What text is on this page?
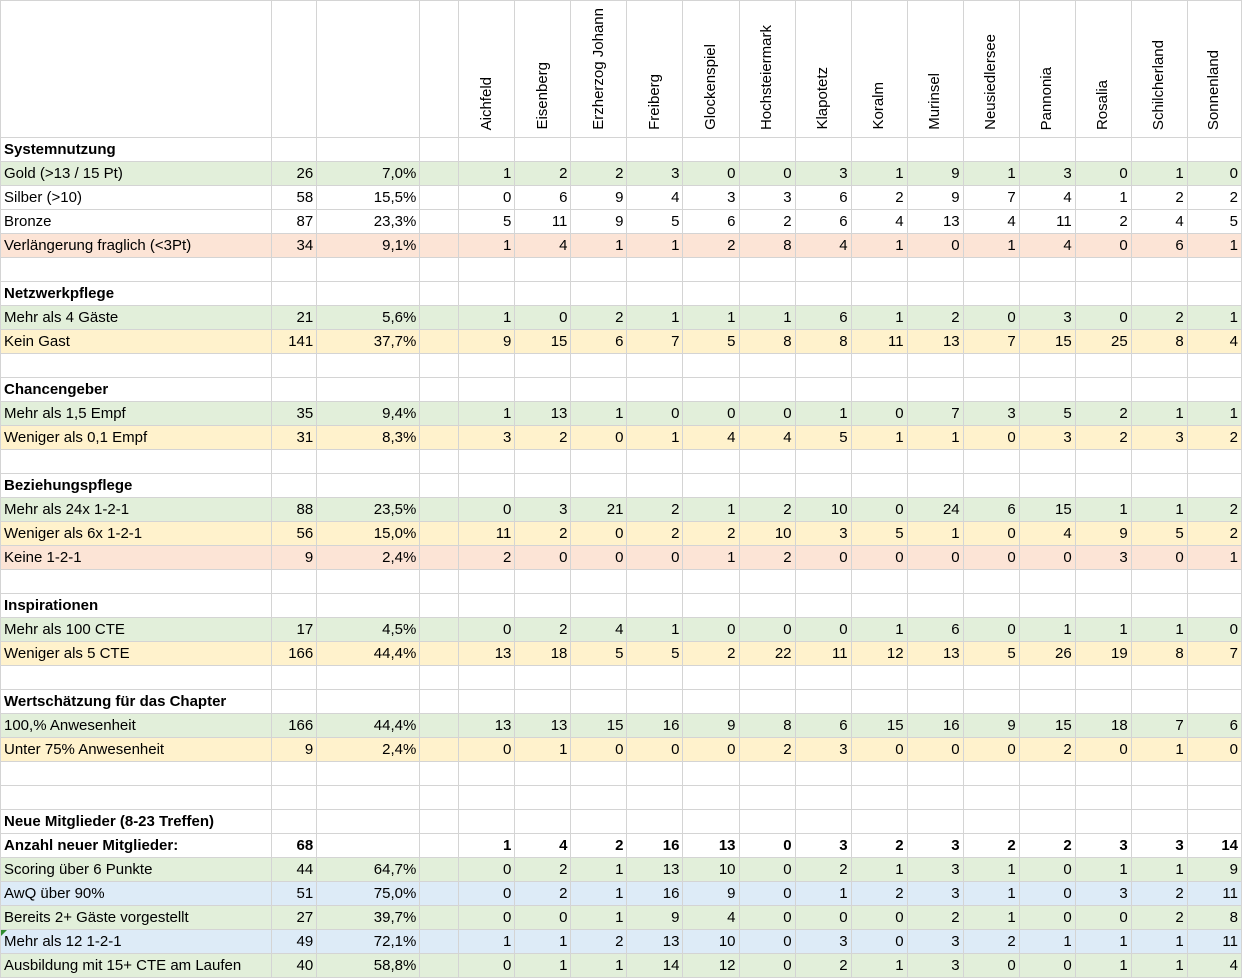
				Aichfeld	Eisenberg	Erzherzog Johann	Freiberg	Glockenspiel	Hochsteiermark	Klapotetz	Koralm	Murinsel	Neusiedlersee	Pannonia	Rosalia	Schilcherland	Sonnenland
Systemnutzung																	
Gold (>13 / 15 Pt)	26	7,0%		1	2	2	3	0	0	3	1	9	1	3	0	1	0
Silber (>10)	58	15,5%		0	6	9	4	3	3	6	2	9	7	4	1	2	2
Bronze	87	23,3%		5	11	9	5	6	2	6	4	13	4	11	2	4	5
Verlängerung fraglich (<3Pt)	34	9,1%		1	4	1	1	2	8	4	1	0	1	4	0	6	1

Netzwerkpflege																	
Mehr als 4 Gäste	21	5,6%		1	0	2	1	1	1	6	1	2	0	3	0	2	1
Kein Gast	141	37,7%		9	15	6	7	5	8	8	11	13	7	15	25	8	4

Chancengeber																	
Mehr als 1,5 Empf	35	9,4%		1	13	1	0	0	0	1	0	7	3	5	2	1	1
Weniger als 0,1 Empf	31	8,3%		3	2	0	1	4	4	5	1	1	0	3	2	3	2

Beziehungspflege																	
Mehr als 24x 1-2-1	88	23,5%		0	3	21	2	1	2	10	0	24	6	15	1	1	2
Weniger als 6x 1-2-1	56	15,0%		11	2	0	2	2	10	3	5	1	0	4	9	5	2
Keine 1-2-1	9	2,4%		2	0	0	0	1	2	0	0	0	0	0	3	0	1

Inspirationen																	
Mehr als 100 CTE	17	4,5%		0	2	4	1	0	0	0	1	6	0	1	1	1	0
Weniger als 5 CTE	166	44,4%		13	18	5	5	2	22	11	12	13	5	26	19	8	7

Wertschätzung für das Chapter																	
100,% Anwesenheit	166	44,4%		13	13	15	16	9	8	6	15	16	9	15	18	7	6
Unter 75% Anwesenheit	9	2,4%		0	1	0	0	0	2	3	0	0	0	2	0	1	0

Neue Mitglieder (8-23 Treffen)																	
Anzahl neuer Mitglieder:	68			1	4	2	16	13	0	3	2	3	2	2	3	3	14
Scoring über 6 Punkte	44	64,7%		0	2	1	13	10	0	2	1	3	1	0	1	1	9
AwQ über 90%	51	75,0%		0	2	1	16	9	0	1	2	3	1	0	3	2	11
Bereits 2+ Gäste vorgestellt	27	39,7%		0	0	1	9	4	0	0	0	2	1	0	0	2	8
Mehr als 12 1-2-1	49	72,1%		1	1	2	13	10	0	3	0	3	2	1	1	1	11
Ausbildung mit 15+ CTE am Laufen	40	58,8%		0	1	1	14	12	0	2	1	3	0	0	1	1	4
